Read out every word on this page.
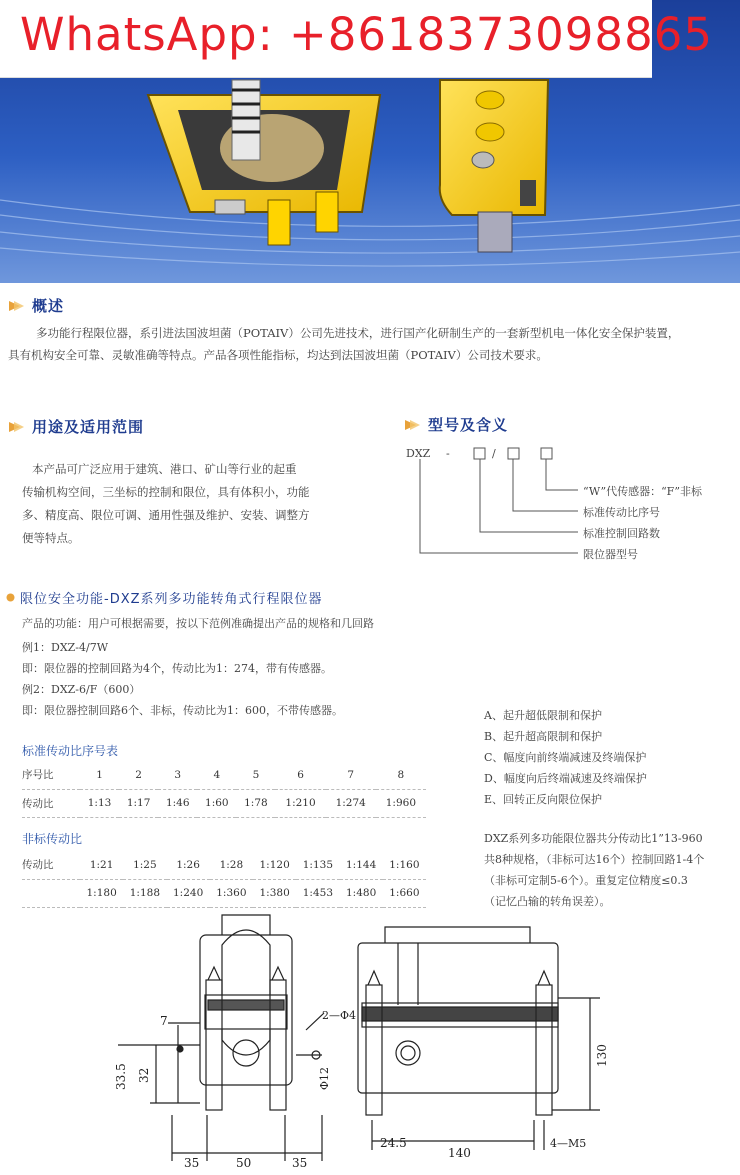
WhatsApp: +8618373098865
概述
多功能行程限位器，系引进法国波坦菌（POTAIV）公司先进技术，进行国产化研制生产的一套新型机电一体化安全保护装置，
具有机构安全可靠、灵敏准确等特点。产品各项性能指标，均达到法国波坦菌（POTAIV）公司技术要求。
用途及适用范围
本产品可广泛应用于建筑、港口、矿山等行业的起重
传输机构空间，三坐标的控制和限位，具有体积小，功能
多、精度高、限位可调、通用性强及维护、安装、调整方
便等特点。
型号及含义
DXZ -	/
“W”代传感器：“F”非标
标准传动比序号
标准控制回路数
限位器型号
限位安全功能-DXZ系列多功能转角式行程限位器
产品的功能：用户可根据需要，按以下范例准确提出产品的规格和几回路
例1：DXZ-4/7W
即：限位器的控制回路为4个，传动比为1：274，带有传感器。
例2：DXZ-6/F（600）
即：限位器控制回路6个、非标，传动比为1：600，不带传感器。	A、起升超低限制和保护
B、起升超高限制和保护
C、幅度向前终端减速及终端保护
D、幅度向后终端减速及终端保护
E、回转正反向限位保护
DXZ系列多功能限位器共分传动比1”13-960
共8种规格，（非标可达16个）控制回路1-4个
（非标可定制5-6个）。重复定位精度≤0.3
（记忆凸输的转角误差）。
标准传动比序号表
序号比	1	2	3	4	5	6	7	8
传动比	1:13	1:17	1:46	1:60	1:78	1:210	1:274	1:960
非标传动比
传动比	1:21	1:25	1:26	1:28	1:120	1:135	1:144	1:160
	1:180	1:188	1:240	1:360	1:380	1:453	1:480	1:660
7
33.5 32
35	50	35
2—Φ4
Φ12
130
24.5
140
4—M5
